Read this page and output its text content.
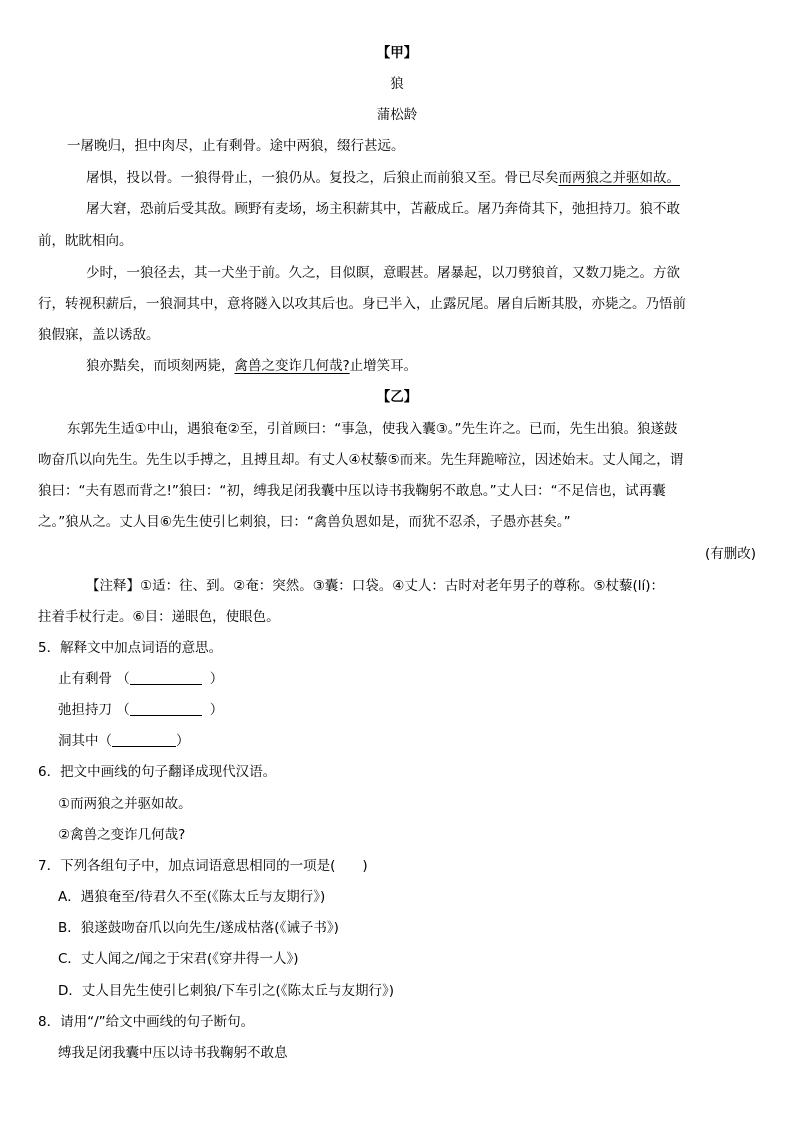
【甲】
狼
蒲松龄
一屠晚归，担中肉尽，止有剩骨。途中两狼，缀行甚远。
屠惧，投以骨。一狼得骨止，一狼仍从。复投之，后狼止而前狼又至。骨已尽矣而两狼之并驱如故。
屠大窘，恐前后受其敌。顾野有麦场，场主积薪其中，苫蔽成丘。屠乃奔倚其下，弛担持刀。狼不敢
前，眈眈相向。
少时，一狼径去，其一犬坐于前。久之，目似瞑，意暇甚。屠暴起，以刀劈狼首，又数刀毙之。方欲
行，转视积薪后，一狼洞其中，意将隧入以攻其后也。身已半入，止露尻尾。屠自后断其股，亦毙之。乃悟前
狼假寐，盖以诱敌。
狼亦黠矣，而顷刻两毙，禽兽之变诈几何哉?止增笑耳。
【乙】
东郭先生适①中山，遇狼奄②至，引首顾曰：“事急，使我入囊③。”先生许之。已而，先生出狼。狼遂鼓
吻奋爪以向先生。先生以手搏之，且搏且却。有丈人④杖藜⑤而来。先生拜跪啼泣，因述始末。丈人闻之，谓
狼曰：“夫有恩而背之!”狼曰：“初，缚我足闭我囊中压以诗书我鞠躬不敢息。”丈人曰：“不足信也，试再囊
之。”狼从之。丈人目⑥先生使引匕刺狼，曰：“禽兽负恩如是，而犹不忍杀，子愚亦甚矣。”
(有删改)
【注释】①适：往、到。②奄：突然。③囊：口袋。④丈人：古时对老年男子的尊称。⑤杖藜(lí)：
拄着手杖行走。⑥目：递眼色，使眼色。
5．解释文中加点词语的意思。
止有剩骨 （	）
弛担持刀 （	）
洞其中（	）
6．把文中画线的句子翻译成现代汉语。
①而两狼之并驱如故。
②禽兽之变诈几何哉?
7．下列各组句子中，加点词语意思相同的一项是(　　)
A．遇狼奄至/待君久不至(《陈太丘与友期行》)
B．狼遂鼓吻奋爪以向先生/遂成枯落(《诫子书》)
C．丈人闻之/闻之于宋君(《穿井得一人》)
D．丈人目先生使引匕刺狼/下车引之(《陈太丘与友期行》)
8．请用“/”给文中画线的句子断句。
缚我足闭我囊中压以诗书我鞠躬不敢息
